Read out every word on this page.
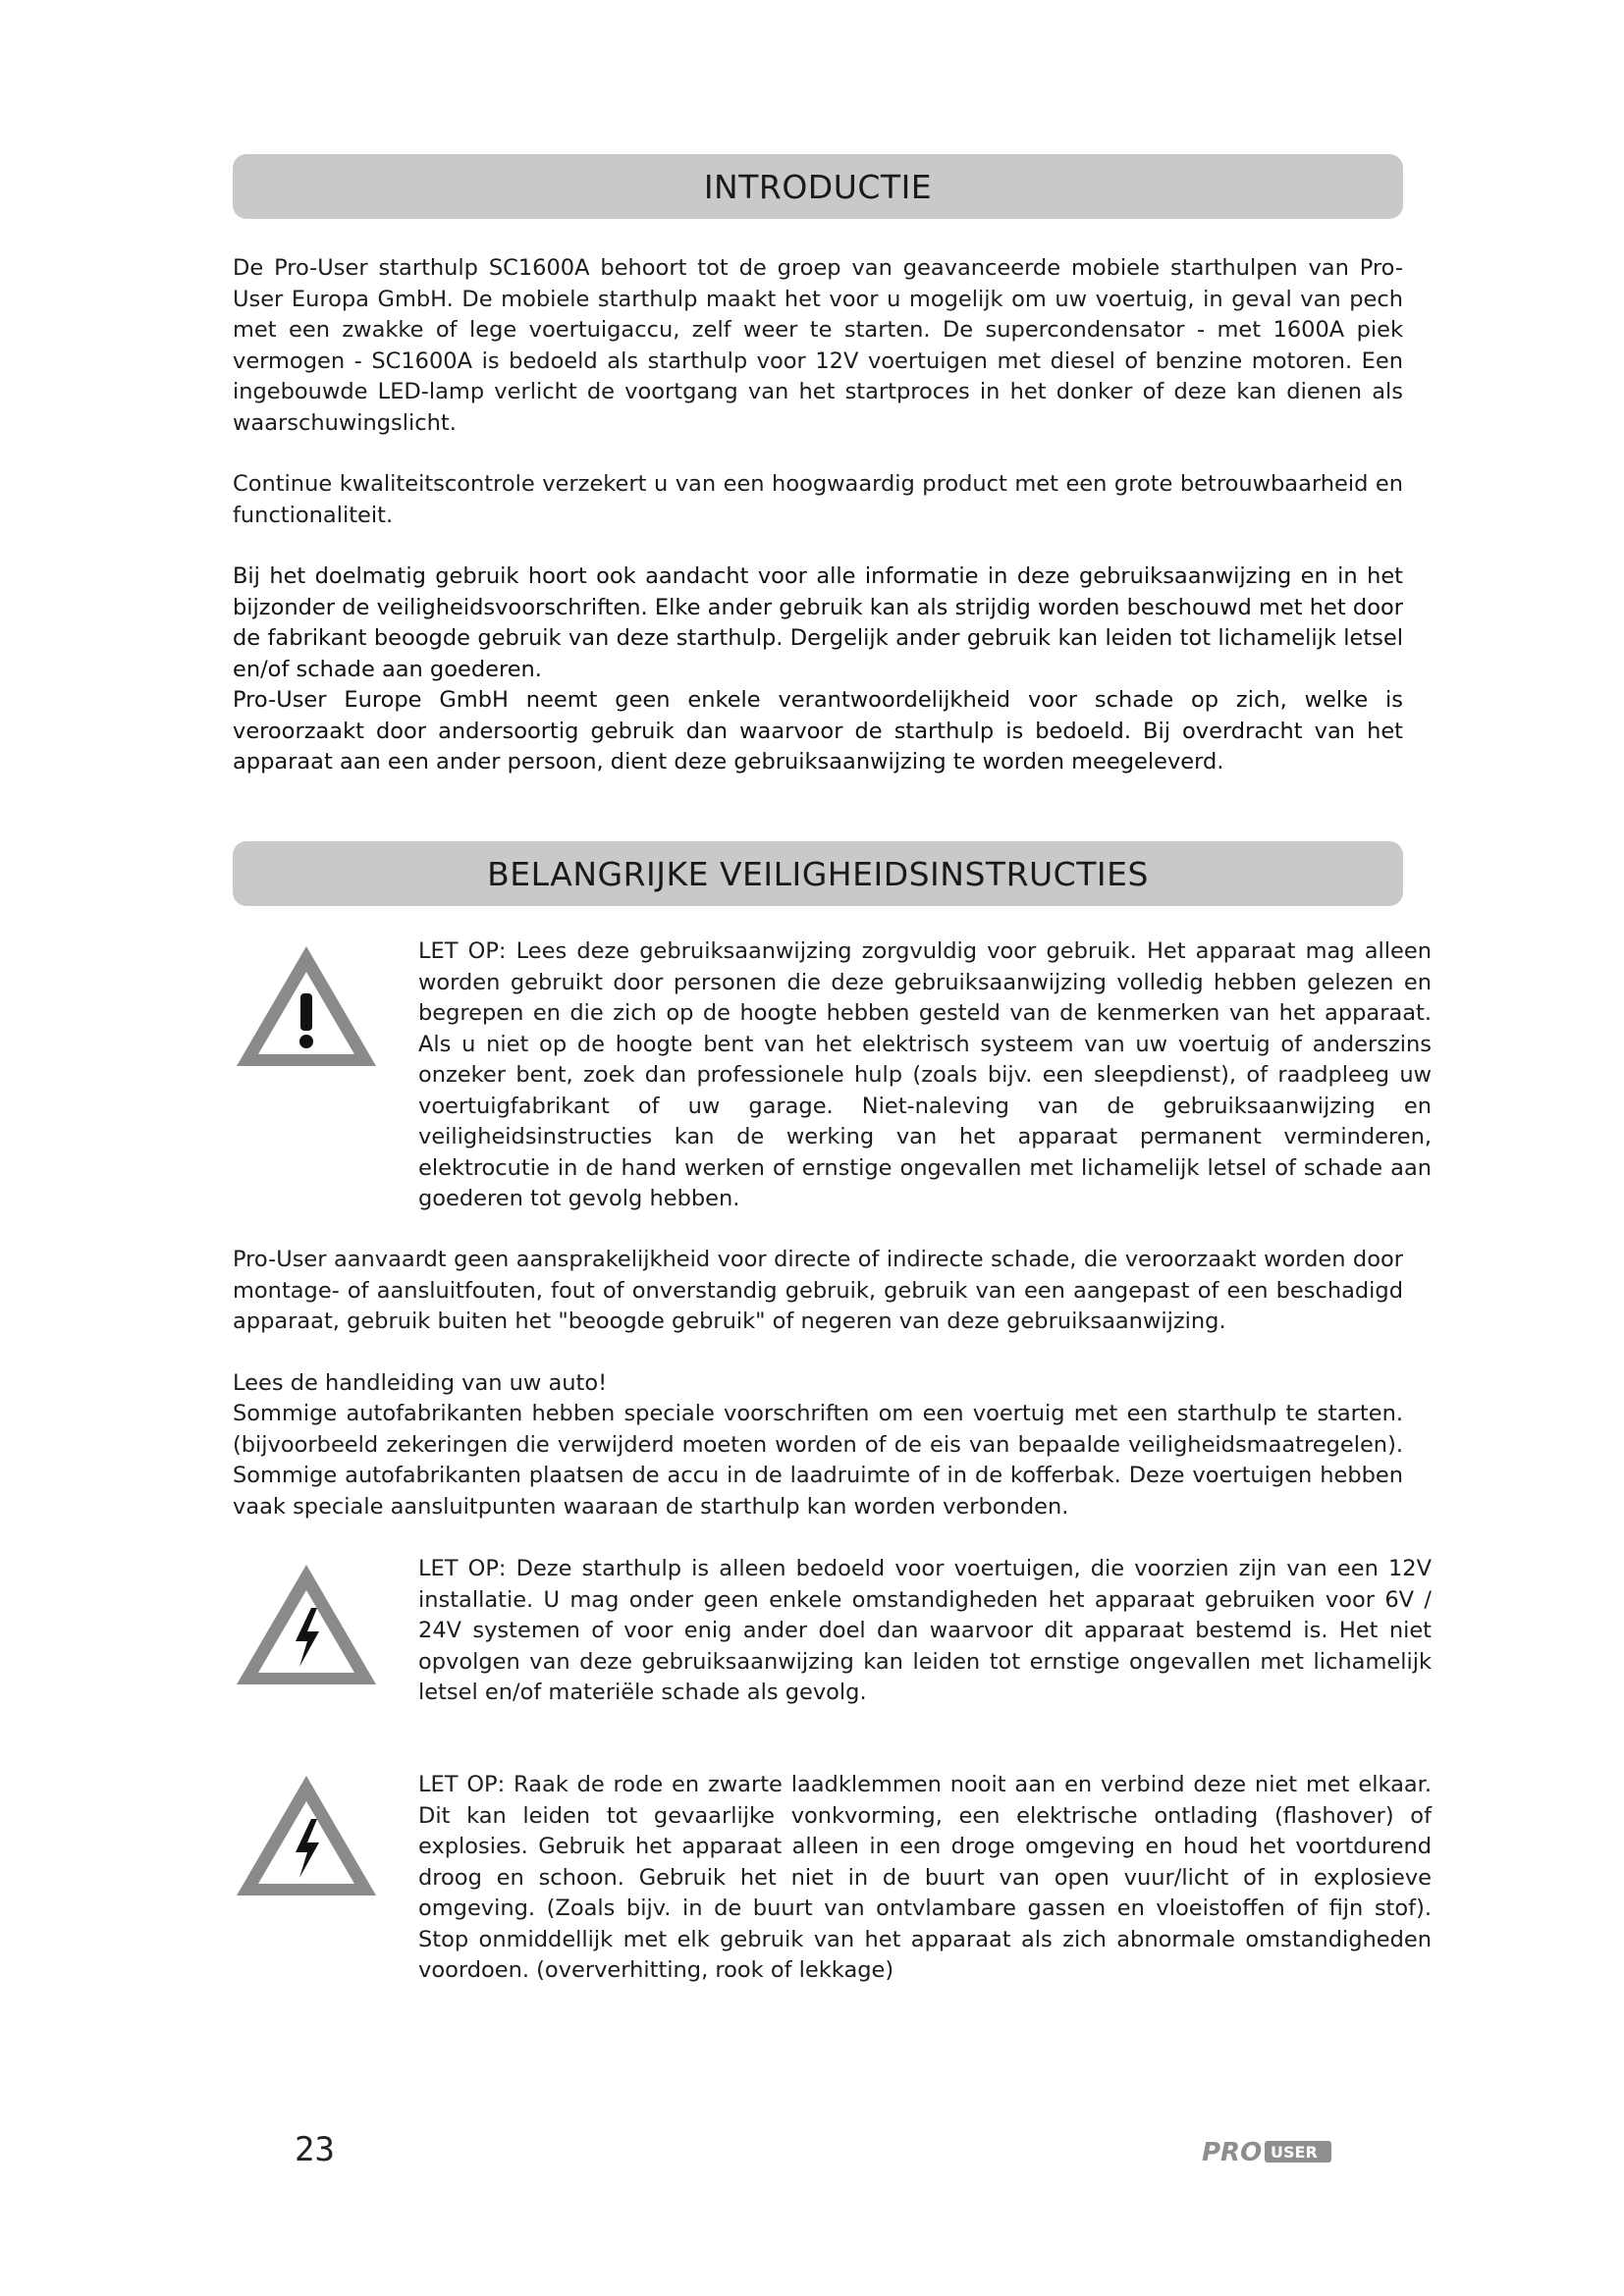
INTRODUCTIE

De Pro-User starthulp SC1600A behoort tot de groep van geavanceerde mobiele starthulpen van Pro-User Europa GmbH. De mobiele starthulp maakt het voor u mogelijk om uw voertuig, in geval van pech met een zwakke of lege voertuigaccu, zelf weer te starten. De supercondensator - met 1600A piek vermogen - SC1600A is bedoeld als starthulp voor 12V voertuigen met diesel of benzine motoren. Een ingebouwde LED-lamp verlicht de voortgang van het startproces in het donker of deze kan dienen als waarschuwingslicht.

Continue kwaliteitscontrole verzekert u van een hoogwaardig product met een grote betrouwbaarheid en functionaliteit.

Bij het doelmatig gebruik hoort ook aandacht voor alle informatie in deze gebruiksaanwijzing en in het bijzonder de veiligheidsvoorschriften. Elke ander gebruik kan als strijdig worden beschouwd met het door de fabrikant beoogde gebruik van deze starthulp. Dergelijk ander gebruik kan leiden tot lichamelijk letsel en/of schade aan goederen.

Pro-User Europe GmbH neemt geen enkele verantwoordelijkheid voor schade op zich, welke is veroorzaakt door andersoortig gebruik dan waarvoor de starthulp is bedoeld. Bij overdracht van het apparaat aan een ander persoon, dient deze gebruiksaanwijzing te worden meegeleverd.

BELANGRIJKE VEILIGHEIDSINSTRUCTIES

LET OP: Lees deze gebruiksaanwijzing zorgvuldig voor gebruik. Het apparaat mag alleen worden gebruikt door personen die deze gebruiksaanwijzing volledig hebben gelezen en begrepen en die zich op de hoogte hebben gesteld van de kenmerken van het apparaat. Als u niet op de hoogte bent van het elektrisch systeem van uw voertuig of anderszins onzeker bent, zoek dan professionele hulp (zoals bijv. een sleepdienst), of raadpleeg uw voertuigfabrikant of uw garage. Niet-naleving van de gebruiksaanwijzing en veiligheidsinstructies kan de werking van het apparaat permanent verminderen, elektrocutie in de hand werken of ernstige ongevallen met lichamelijk letsel of schade aan goederen tot gevolg hebben.

Pro-User aanvaardt geen aansprakelijkheid voor directe of indirecte schade, die veroorzaakt worden door montage- of aansluitfouten, fout of onverstandig gebruik, gebruik van een aangepast of een beschadigd apparaat, gebruik buiten het "beoogde gebruik" of negeren van deze gebruiksaanwijzing.

Lees de handleiding van uw auto!

Sommige autofabrikanten hebben speciale voorschriften om een voertuig met een starthulp te starten. (bijvoorbeeld zekeringen die verwijderd moeten worden of de eis van bepaalde veiligheidsmaatregelen). Sommige autofabrikanten plaatsen de accu in de laadruimte of in de kofferbak. Deze voertuigen hebben vaak speciale aansluitpunten waaraan de starthulp kan worden verbonden.

LET OP: Deze starthulp is alleen bedoeld voor voertuigen, die voorzien zijn van een 12V installatie. U mag onder geen enkele omstandigheden het apparaat gebruiken voor 6V / 24V systemen of voor enig ander doel dan waarvoor dit apparaat bestemd is. Het niet opvolgen van deze gebruiksaanwijzing kan leiden tot ernstige ongevallen met lichamelijk letsel en/of materiële schade als gevolg.

LET OP: Raak de rode en zwarte laadklemmen nooit aan en verbind deze niet met elkaar. Dit kan leiden tot gevaarlijke vonkvorming, een elektrische ontlading (flashover) of explosies. Gebruik het apparaat alleen in een droge omgeving en houd het voortdurend droog en schoon. Gebruik het niet in de buurt van open vuur/licht of in explosieve omgeving. (Zoals bijv. in de buurt van ontvlambare gassen en vloeistoffen of fijn stof). Stop onmiddellijk met elk gebruik van het apparaat als zich abnormale omstandigheden voordoen. (oververhitting, rook of lekkage)

23	PRO USER
